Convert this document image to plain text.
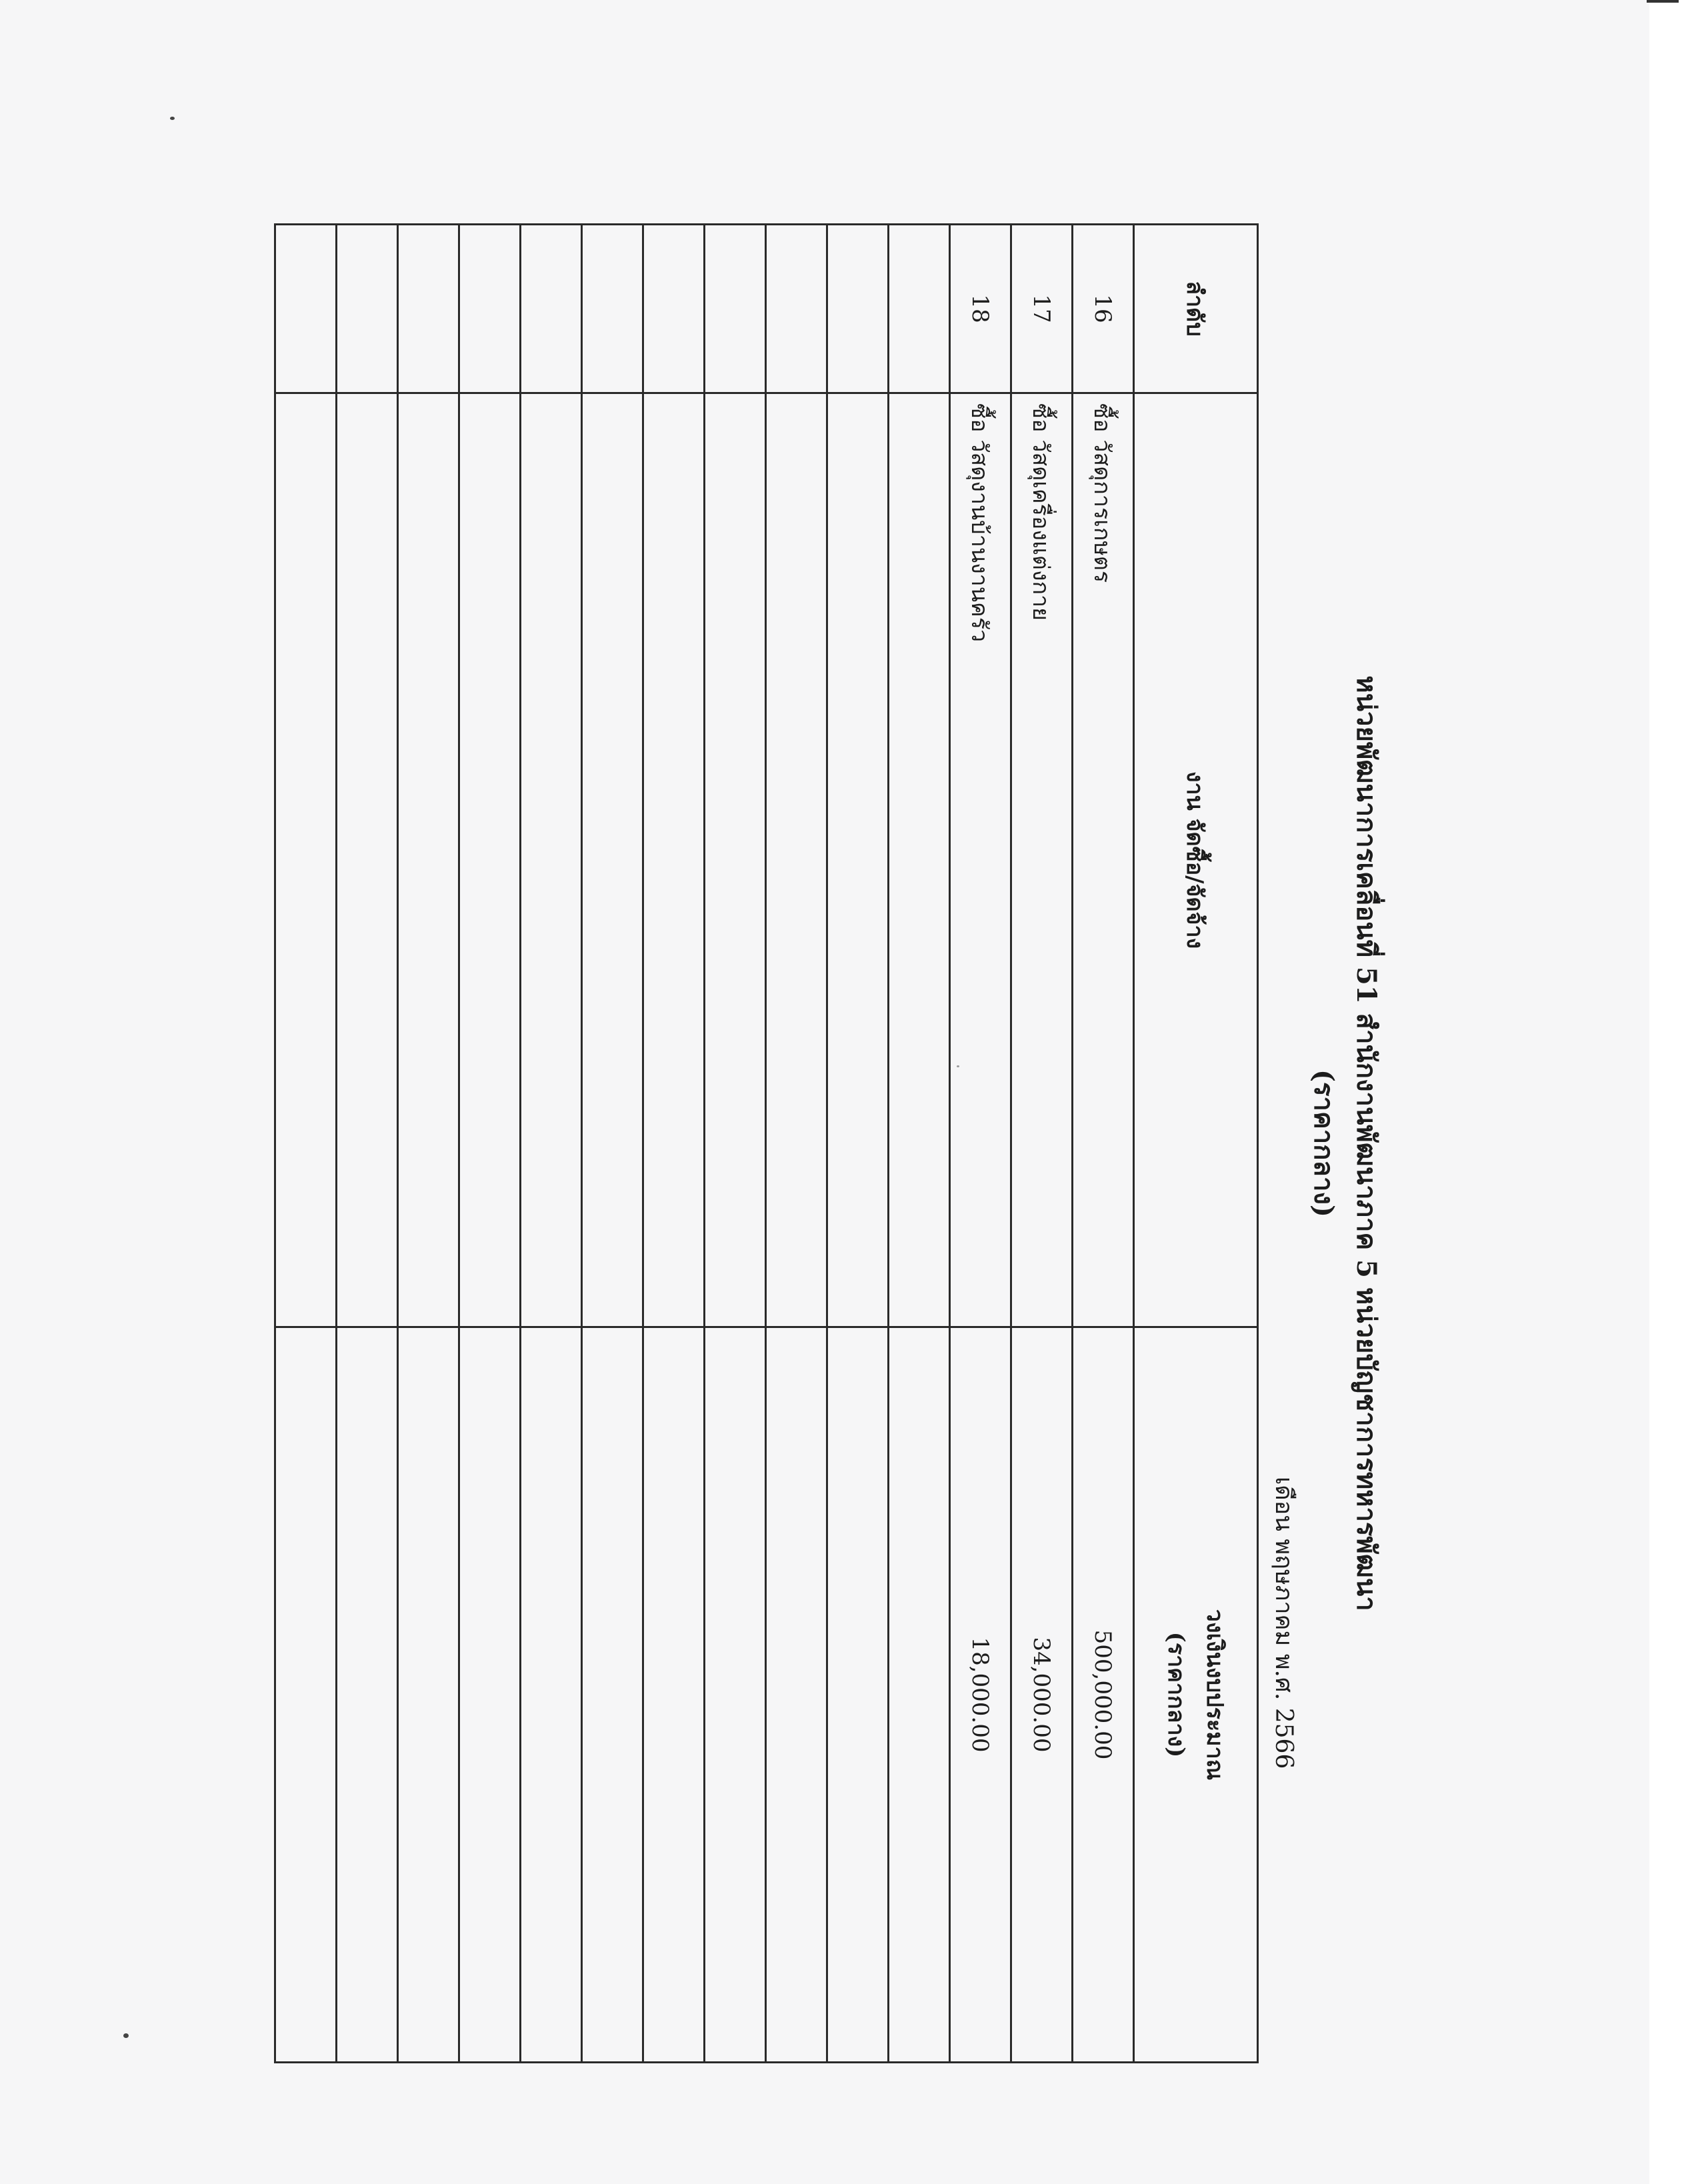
หน่วยพัฒนาการเคลื่อนที่ 51 สำนักงานพัฒนาภาค 5 หน่วยบัญชาการทหารพัฒนา
(ราคากลาง)
เดือน พฤษภาคม พ.ศ. 2566
ลำดับ	งาน จัดซื้อ/จัดจ้าง	วงเงินงบประมาณ
(ราคากลาง)

16	ซื้อ วัสดุการเกษตร	500,000.00
17	ซื้อ วัสดุเครื่องแต่งกาย	34,000.00
18	ซื้อ วัสดุงานบ้านงานครัว	18,000.00
